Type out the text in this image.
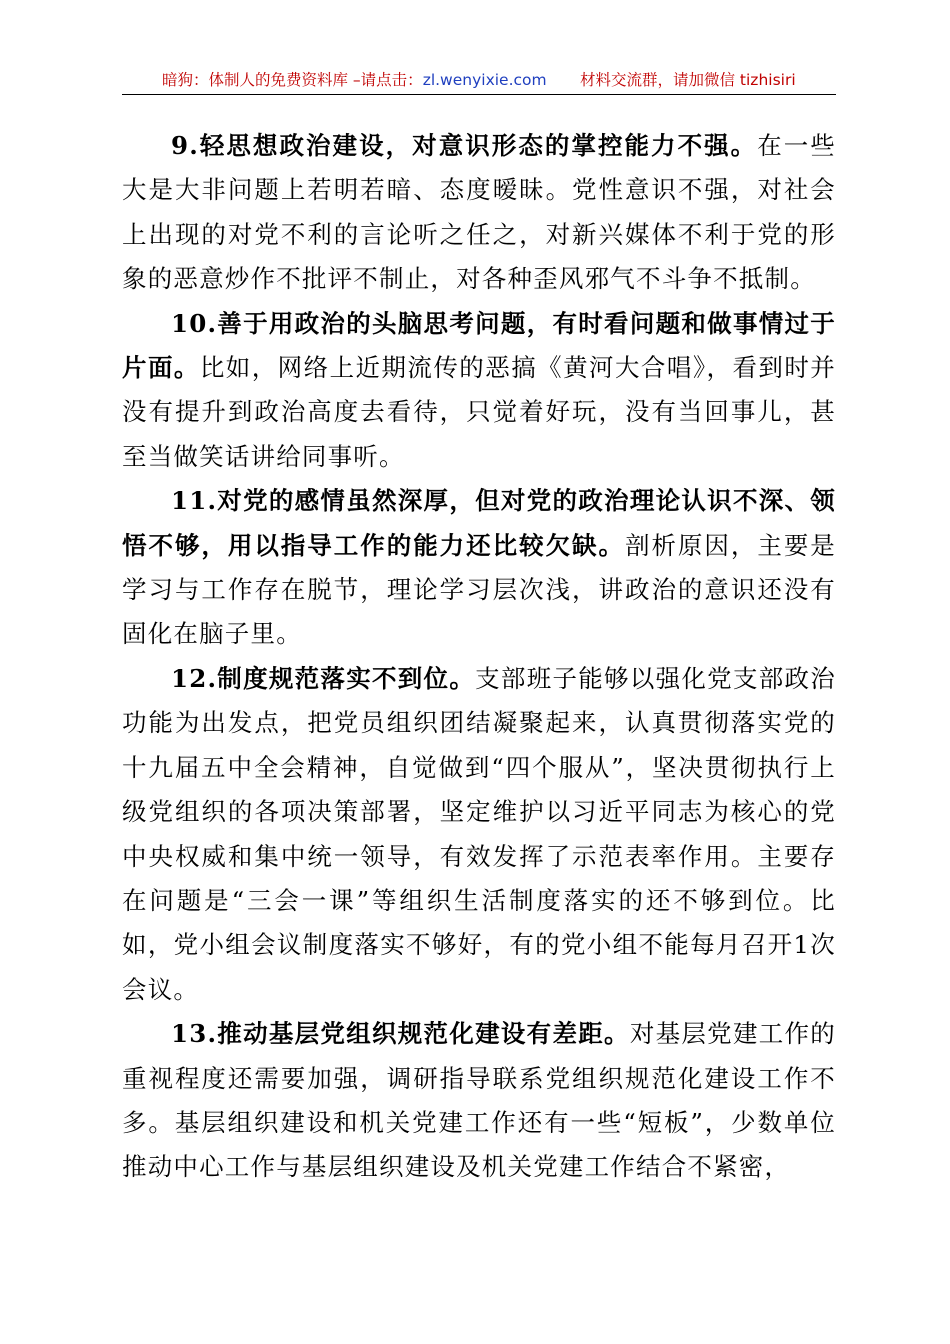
暗狗：体制人的免费资料库 –请点击：zl.wenyixie.com 材料交流群，请加微信 tizhisiri

9.轻思想政治建设，对意识形态的掌控能力不强。在一些大是大非问题上若明若暗、态度暧昧。党性意识不强，对社会上出现的对党不利的言论听之任之，对新兴媒体不利于党的形象的恶意炒作不批评不制止，对各种歪风邪气不斗争不抵制。

10.善于用政治的头脑思考问题，有时看问题和做事情过于片面。比如，网络上近期流传的恶搞《黄河大合唱》，看到时并没有提升到政治高度去看待，只觉着好玩，没有当回事儿，甚至当做笑话讲给同事听。

11.对党的感情虽然深厚，但对党的政治理论认识不深、领悟不够，用以指导工作的能力还比较欠缺。剖析原因，主要是学习与工作存在脱节，理论学习层次浅，讲政治的意识还没有固化在脑子里。

12.制度规范落实不到位。支部班子能够以强化党支部政治功能为出发点，把党员组织团结凝聚起来，认真贯彻落实党的十九届五中全会精神，自觉做到“四个服从”，坚决贯彻执行上级党组织的各项决策部署，坚定维护以习近平同志为核心的党中央权威和集中统一领导，有效发挥了示范表率作用。主要存在问题是“三会一课”等组织生活制度落实的还不够到位。比如，党小组会议制度落实不够好，有的党小组不能每月召开1次会议。

13.推动基层党组织规范化建设有差距。对基层党建工作的重视程度还需要加强，调研指导联系党组织规范化建设工作不多。基层组织建设和机关党建工作还有一些“短板”，少数单位推动中心工作与基层组织建设及机关党建工作结合不紧密，
